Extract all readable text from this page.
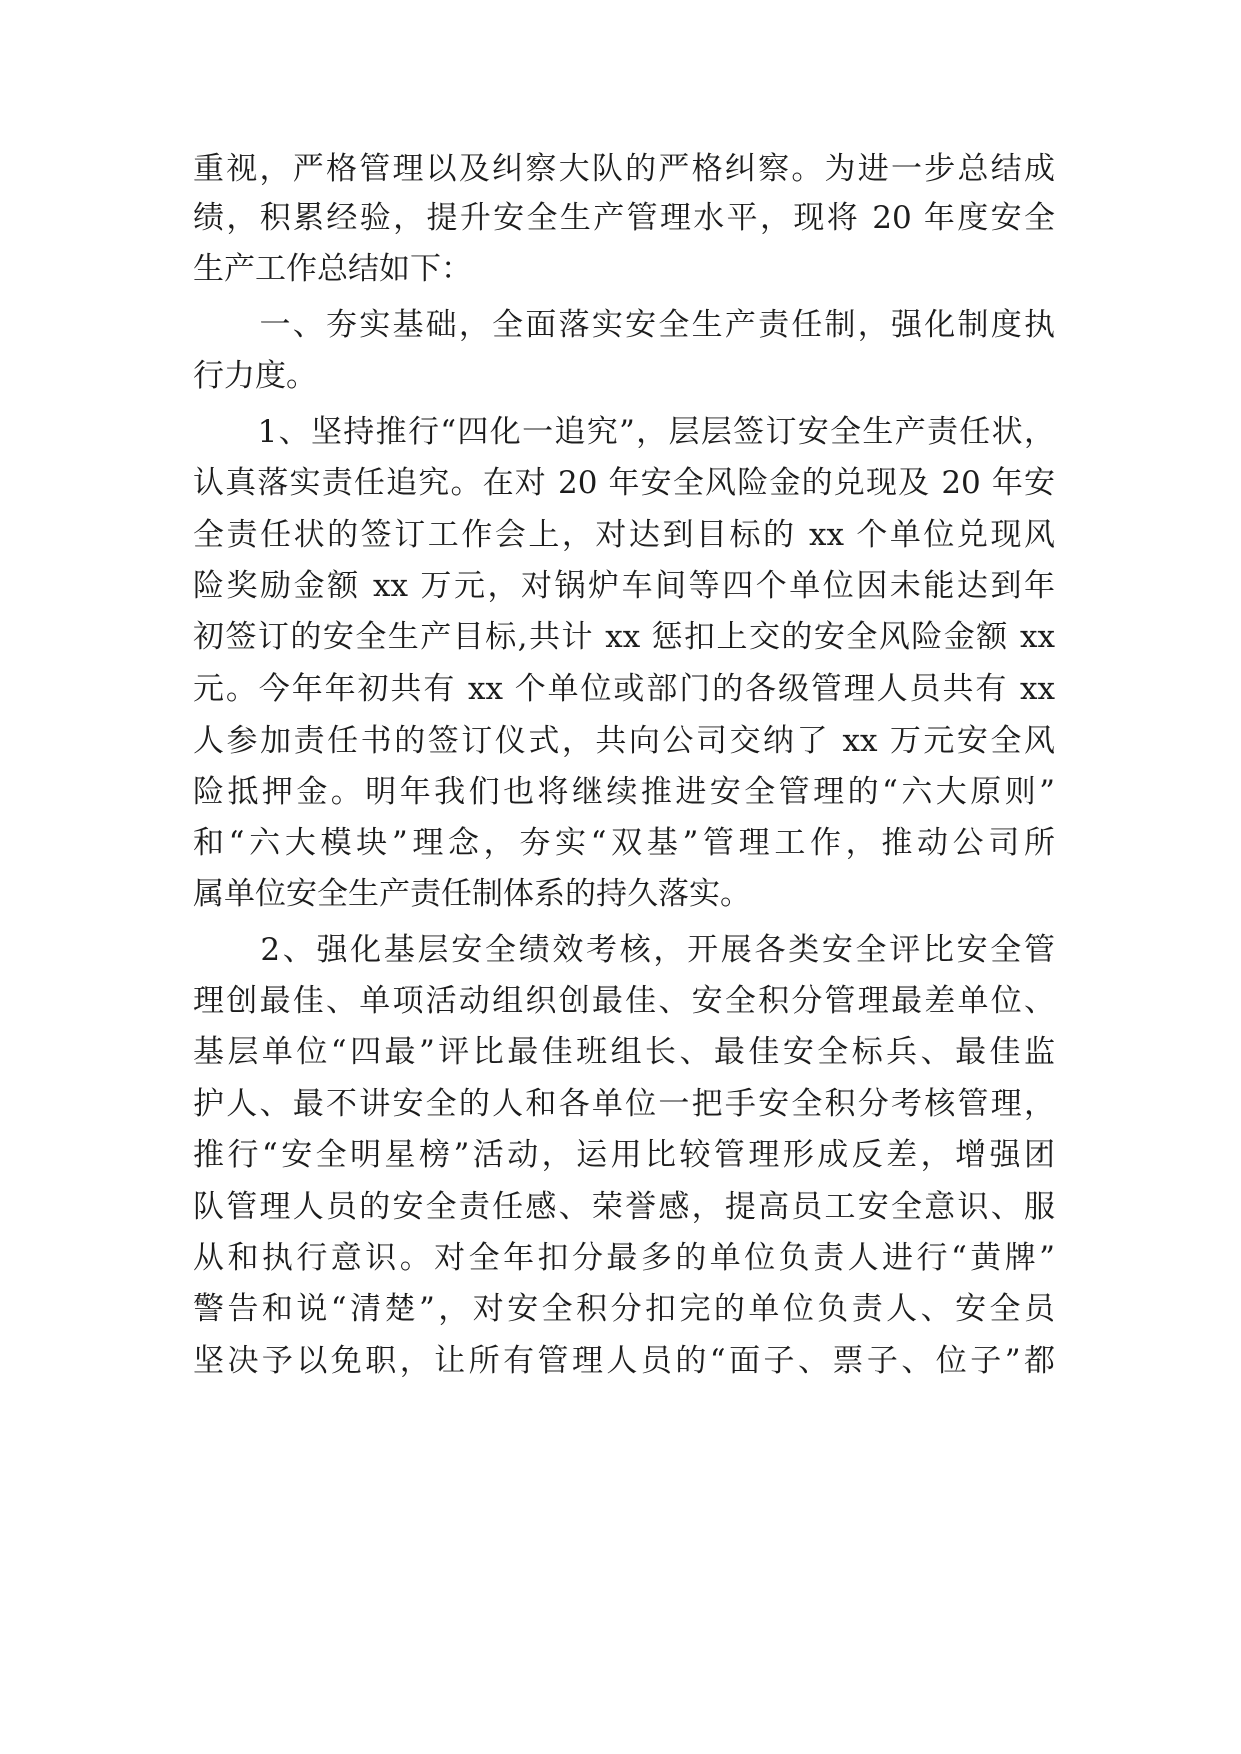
重视，严格管理以及纠察大队的严格纠察。为进一步总结成
绩，积累经验，提升安全生产管理水平，现将 20 年度安全
生产工作总结如下：
　　一、夯实基础，全面落实安全生产责任制，强化制度执
行力度。
　　1、坚持推行“四化一追究”，层层签订安全生产责任状，
认真落实责任追究。在对 20 年安全风险金的兑现及 20 年安
全责任状的签订工作会上，对达到目标的 xx 个单位兑现风
险奖励金额 xx 万元，对锅炉车间等四个单位因未能达到年
初签订的安全生产目标,共计 xx 惩扣上交的安全风险金额 xx
元。今年年初共有 xx 个单位或部门的各级管理人员共有 xx
人参加责任书的签订仪式，共向公司交纳了 xx 万元安全风
险抵押金。明年我们也将继续推进安全管理的“六大原则”
和“六大模块”理念，夯实“双基”管理工作，推动公司所
属单位安全生产责任制体系的持久落实。
　　2、强化基层安全绩效考核，开展各类安全评比安全管
理创最佳、单项活动组织创最佳、安全积分管理最差单位、
基层单位“四最”评比最佳班组长、最佳安全标兵、最佳监
护人、最不讲安全的人和各单位一把手安全积分考核管理，
推行“安全明星榜”活动，运用比较管理形成反差，增强团
队管理人员的安全责任感、荣誉感，提高员工安全意识、服
从和执行意识。对全年扣分最多的单位负责人进行“黄牌”
警告和说“清楚”，对安全积分扣完的单位负责人、安全员
坚决予以免职，让所有管理人员的“面子、票子、位子”都
